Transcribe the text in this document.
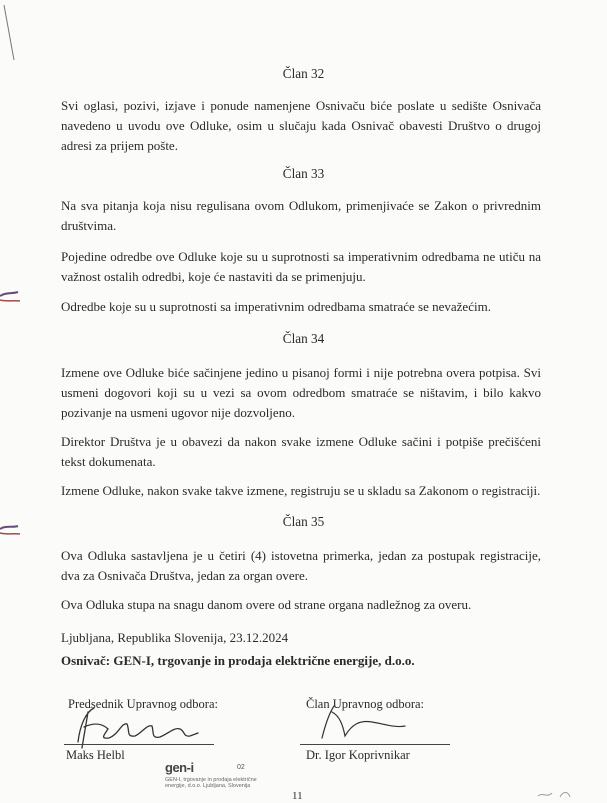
Član 32
Svi oglasi, pozivi, izjave i ponude namenjene Osnivaču biće poslate u sedište Osnivača navedeno u uvodu ove Odluke, osim u slučaju kada Osnivač obavesti Društvo o drugoj adresi za prijem pošte.
Član 33
Na sva pitanja koja nisu regulisana ovom Odlukom, primenjivaće se Zakon o privrednim društvima.
Pojedine odredbe ove Odluke koje su u suprotnosti sa imperativnim odredbama ne utiču na važnost ostalih odredbi, koje će nastaviti da se primenjuju.
Odredbe koje su u suprotnosti sa imperativnim odredbama smatraće se nevažećim.
Član 34
Izmene ove Odluke biće sačinjene jedino u pisanoj formi i nije potrebna overa potpisa. Svi usmeni dogovori koji su u vezi sa ovom odredbom smatraće se ništavim, i bilo kakvo pozivanje na usmeni ugovor nije dozvoljeno.
Direktor Društva je u obavezi da nakon svake izmene Odluke sačini i potpiše prečišćeni tekst dokumenata.
Izmene Odluke, nakon svake takve izmene, registruju se u skladu sa Zakonom o registraciji.
Član 35
Ova Odluka sastavljena je u četiri (4) istovetna primerka, jedan za postupak registracije, dva za Osnivača Društva, jedan za organ overe.
Ova Odluka stupa na snagu danom overe od strane organa nadležnog za overu.
Ljubljana, Republika Slovenija, 23.12.2024
Osnivač: GEN-I, trgovanje in prodaja električne energije, d.o.o.
Predsednik Upravnog odbora:
Maks Helbl
Član Upravnog odbora:
Dr. Igor Koprivnikar
gen-i	02
GEN-I, trgovanje in prodaja električne energije, d.o.o. Ljubljana, Slovenija
11
